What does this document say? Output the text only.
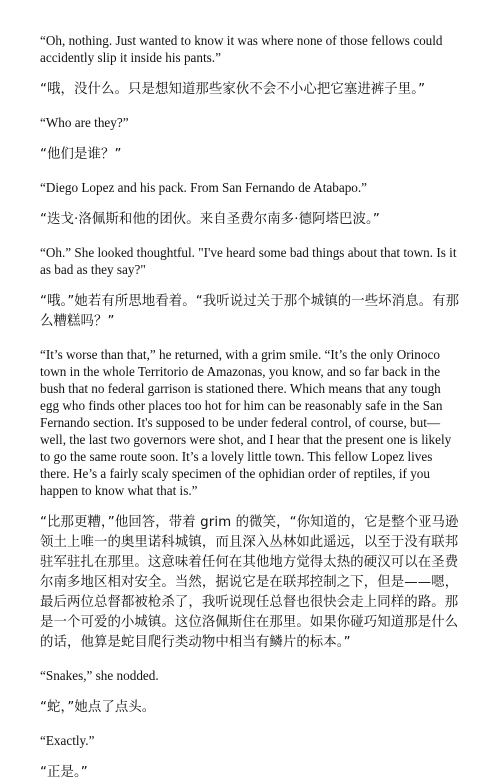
“Oh, nothing. Just wanted to know it was where none of those fellows could accidently slip it inside his pants.”

“哦，没什么。只是想知道那些家伙不会不小心把它塞进裤子里。”

“Who are they?”

“他们是谁？”

“Diego Lopez and his pack. From San Fernando de Atabapo.”

“迭戈·洛佩斯和他的团伙。来自圣费尔南多·德阿塔巴波。”

“Oh.” She looked thoughtful. "I've heard some bad things about that town. Is it as bad as they say?"

“哦。”她若有所思地看着。“我听说过关于那个城镇的一些坏消息。有那么糟糕吗？”

“It’s worse than that,” he returned, with a grim smile. “It’s the only Orinoco town in the whole Territorio de Amazonas, you know, and so far back in the bush that no federal garrison is stationed there. Which means that any tough egg who finds other places too hot for him can be reasonably safe in the San Fernando section. It's supposed to be under federal control, of course, but—well, the last two governors were shot, and I hear that the present one is likely to go the same route soon. It’s a lovely little town. This fellow Lopez lives there. He’s a fairly scaly specimen of the ophidian order of reptiles, if you happen to know what that is.”

“比那更糟，”他回答，带着 grim 的微笑，“你知道的，它是整个亚马逊领土上唯一的奥里诺科城镇，而且深入丛林如此遥远，以至于没有联邦驻军驻扎在那里。这意味着任何在其他地方觉得太热的硬汉可以在圣费尔南多地区相对安全。当然，据说它是在联邦控制之下，但是——嗯，最后两位总督都被枪杀了，我听说现任总督也很快会走上同样的路。那是一个可爱的小城镇。这位洛佩斯住在那里。如果你碰巧知道那是什么的话，他算是蛇目爬行类动物中相当有鳞片的标本。”

“Snakes,” she nodded.

“蛇，”她点了点头。

“Exactly.”

“正是。”
